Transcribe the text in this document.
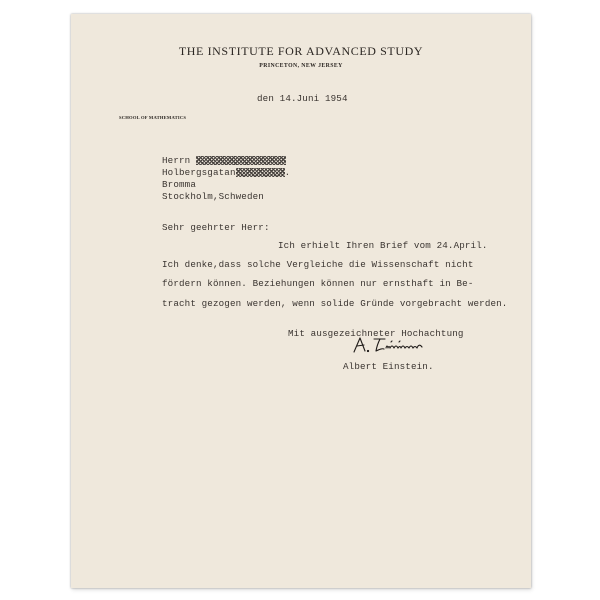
THE INSTITUTE FOR ADVANCED STUDY
PRINCETON, NEW JERSEY
den 14.Juni 1954
SCHOOL OF MATHEMATICS
Herrn
Holbergsgatan	.
Bromma
Stockholm,Schweden
Sehr geehrter Herr:
Ich erhielt Ihren Brief vom 24.April.
Ich denke,dass solche Vergleiche die Wissenschaft nicht
fördern können. Beziehungen können nur ernsthaft in Be-
tracht gezogen werden, wenn solide Gründe vorgebracht werden.
Mit ausgezeichneter Hochachtung
Albert Einstein.
